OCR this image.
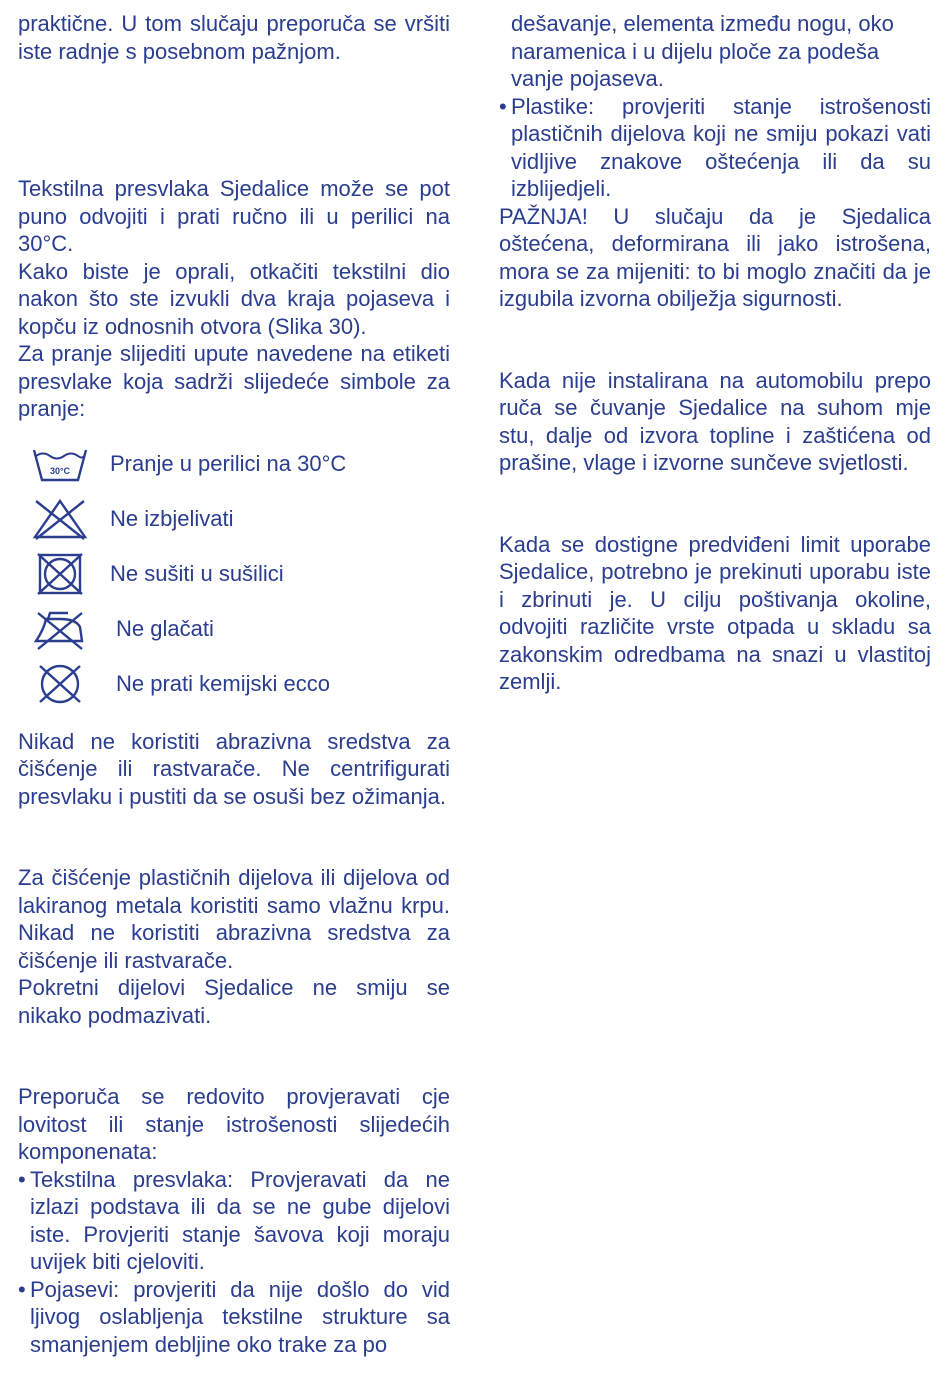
praktične. U tom slučaju preporuča se vršiti iste radnje s posebnom pažnjom.

Tekstilna presvlaka Sjedalice može se pot puno odvojiti i prati ručno ili u perilici na 30°C.

Kako biste je oprali, otkačiti tekstilni dio nakon što ste izvukli dva kraja pojaseva i kopču iz odnosnih otvora (Slika 30).

Za pranje slijediti upute navedene na etiketi presvlake koja sadrži slijedeće simbole za pranje:

30°C Pranje u perilici na 30°C
Ne izbjelivati
Ne sušiti u sušilici
Ne glačati
Ne prati kemijski ecco

Nikad ne koristiti abrazivna sredstva za čišćenje ili rastvarače. Ne centrifigurati presvlaku i pustiti da se osuši bez ožimanja.

Za čišćenje plastičnih dijelova ili dijelova od lakiranog metala koristiti samo vlažnu krpu. Nikad ne koristiti abrazivna sredstva za čišćenje ili rastvarače.

Pokretni dijelovi Sjedalice ne smiju se nikako podmazivati.

Preporuča se redovito provjeravati cje lovitost ili stanje istrošenosti slijedećih komponenata:

• Tekstilna presvlaka: Provjeravati da ne izlazi podstava ili da se ne gube dijelovi iste. Provjeriti stanje šavova koji moraju uvijek biti cjeloviti.
• Pojasevi: provjeriti da nije došlo do vid ljivog oslabljenja tekstilne strukture sa smanjenjem debljine oko trake za po

dešavanje, elementa između nogu, oko naramenica i u dijelu ploče za podeša vanje pojaseva.

• Plastike: provjeriti stanje istrošenosti plastičnih dijelova koji ne smiju pokazi vati vidljive znakove oštećenja ili da su izblijedjeli.

PAŽNJA! U slučaju da je Sjedalica oštećena, deformirana ili jako istrošena, mora se za mijeniti: to bi moglo značiti da je izgubila izvorna obilježja sigurnosti.

Kada nije instalirana na automobilu prepo ruča se čuvanje Sjedalice na suhom mje stu, dalje od izvora topline i zaštićena od prašine, vlage i izvorne sunčeve svjetlosti.

Kada se dostigne predviđeni limit uporabe Sjedalice, potrebno je prekinuti uporabu iste i zbrinuti je. U cilju poštivanja okoline, odvojiti različite vrste otpada u skladu sa zakonskim odredbama na snazi u vlastitoj zemlji.
